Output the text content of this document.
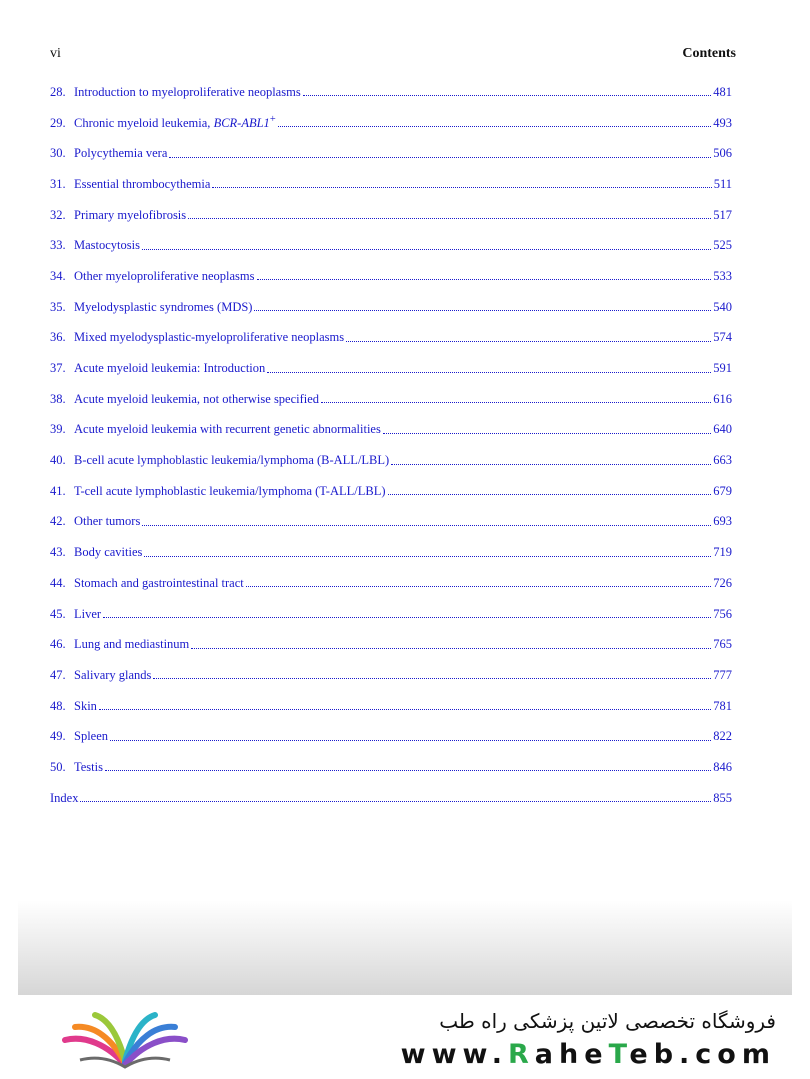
vi	Contents
28. Introduction to myeloproliferative neoplasms	481
29. Chronic myeloid leukemia, BCR-ABL1+	493
30. Polycythemia vera	506
31. Essential thrombocythemia	511
32. Primary myelofibrosis	517
33. Mastocytosis	525
34. Other myeloproliferative neoplasms	533
35. Myelodysplastic syndromes (MDS)	540
36. Mixed myelodysplastic-myeloproliferative neoplasms	574
37. Acute myeloid leukemia: Introduction	591
38. Acute myeloid leukemia, not otherwise specified	616
39. Acute myeloid leukemia with recurrent genetic abnormalities	640
40. B-cell acute lymphoblastic leukemia/lymphoma (B-ALL/LBL)	663
41. T-cell acute lymphoblastic leukemia/lymphoma (T-ALL/LBL)	679
42. Other tumors	693
43. Body cavities	719
44. Stomach and gastrointestinal tract	726
45. Liver	756
46. Lung and mediastinum	765
47. Salivary glands	777
48. Skin	781
49. Spleen	822
50. Testis	846
Index	855
فروشگاه تخصصی لاتین پزشکی راه طب
www.RaheTeb.com
